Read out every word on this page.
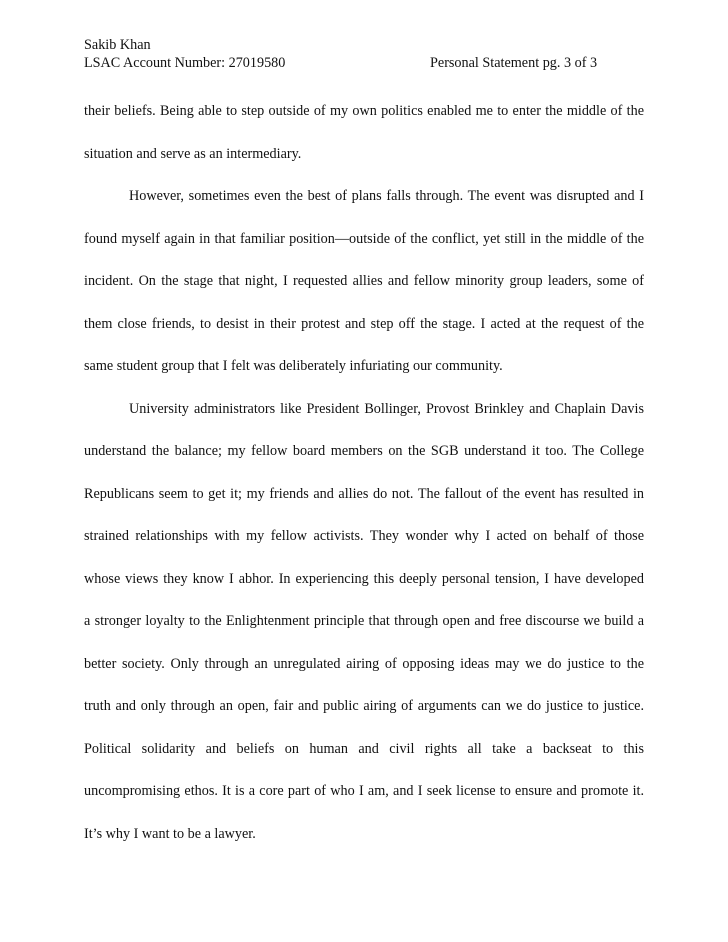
Sakib Khan
LSAC Account Number: 27019580	Personal Statement pg. 3 of 3
their beliefs. Being able to step outside of my own politics enabled me to enter the middle of the
situation and serve as an intermediary.
However, sometimes even the best of plans falls through. The event was disrupted and I
found myself again in that familiar position—outside of the conflict, yet still in the middle of the
incident. On the stage that night, I requested allies and fellow minority group leaders, some of
them close friends, to desist in their protest and step off the stage. I acted at the request of the
same student group that I felt was deliberately infuriating our community.
University administrators like President Bollinger, Provost Brinkley and Chaplain Davis
understand the balance; my fellow board members on the SGB understand it too. The College
Republicans seem to get it; my friends and allies do not. The fallout of the event has resulted in
strained relationships with my fellow activists. They wonder why I acted on behalf of those
whose views they know I abhor. In experiencing this deeply personal tension, I have developed
a stronger loyalty to the Enlightenment principle that through open and free discourse we build a
better society. Only through an unregulated airing of opposing ideas may we do justice to the
truth and only through an open, fair and public airing of arguments can we do justice to justice.
Political solidarity and beliefs on human and civil rights all take a backseat to this
uncompromising ethos. It is a core part of who I am, and I seek license to ensure and promote it.
It’s why I want to be a lawyer.
